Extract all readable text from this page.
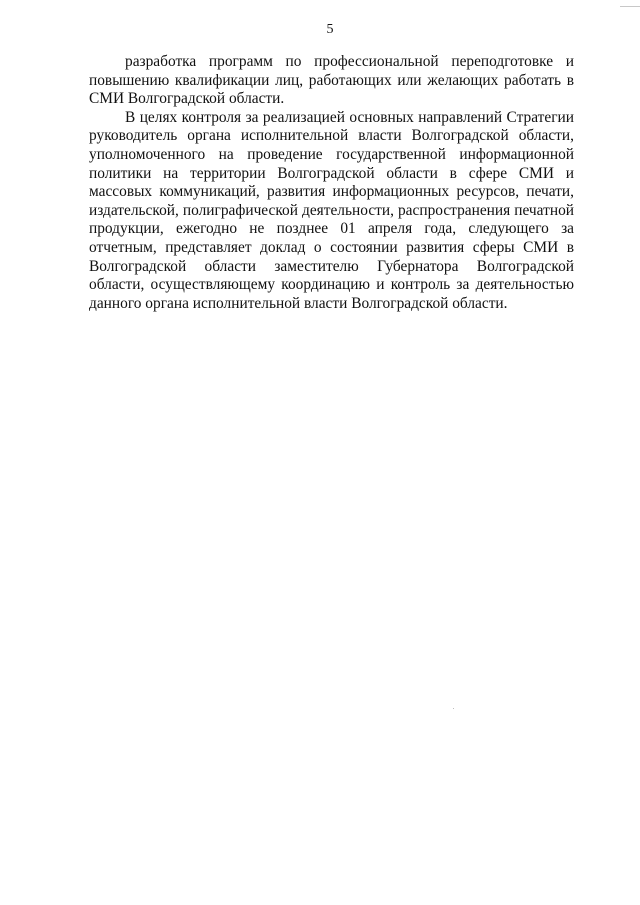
5

разработка программ по профессиональной переподготовке и повышению квалификации лиц, работающих или желающих работать в СМИ Волгоградской области.

В целях контроля за реализацией основных направлений Стратегии руководитель органа исполнительной власти Волгоградской области, уполномоченного на проведение государственной информационной политики на территории Волгоградской области в сфере СМИ и массовых коммуникаций, развития информационных ресурсов, печати, издательской, полиграфической деятельности, распространения печатной продукции, ежегодно не позднее 01 апреля года, следующего за отчетным, представляет доклад о состоянии развития сферы СМИ в Волгоградской области заместителю Губернатора Волгоградской области, осуществляющему координацию и контроль за деятельностью данного органа исполнительной власти Волгоградской области.
